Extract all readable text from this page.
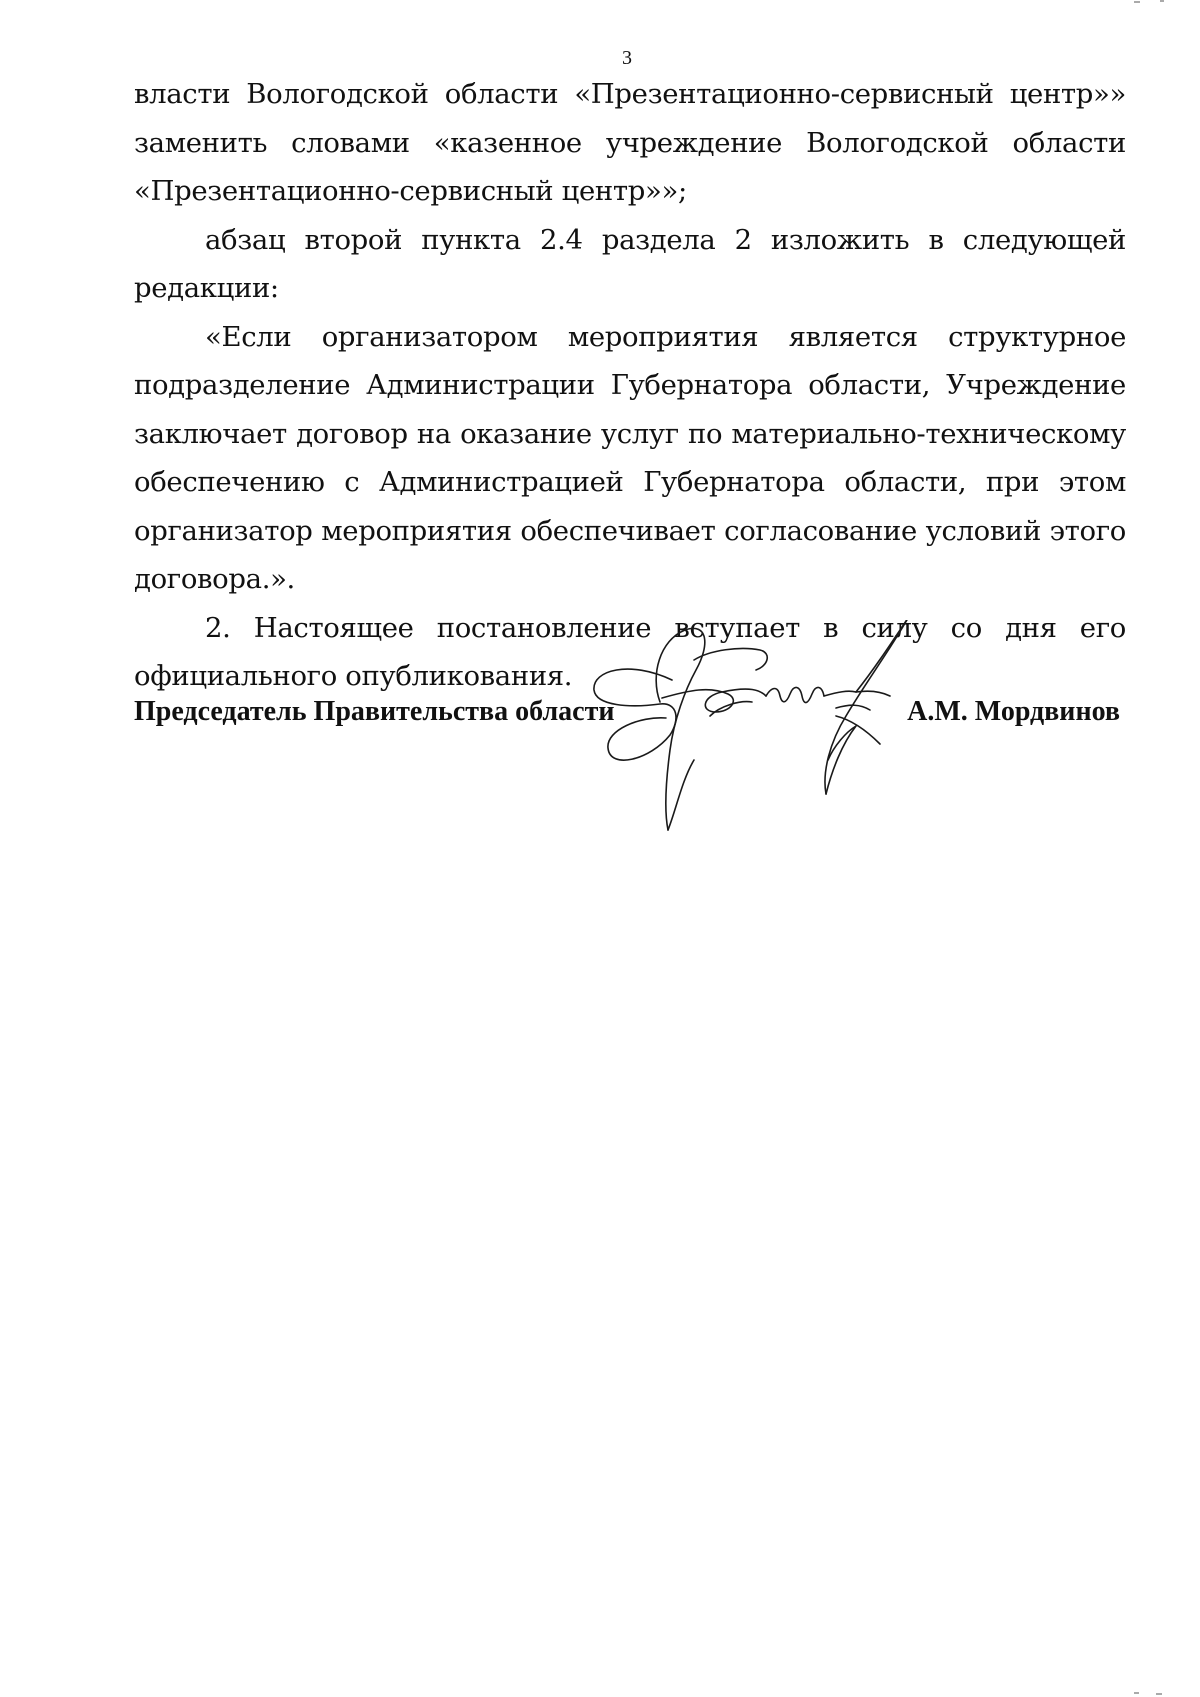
3

власти Вологодской области «Презентационно-сервисный центр»» заменить словами «казенное учреждение Вологодской области «Презентационно-сервисный центр»»;

абзац второй пункта 2.4 раздела 2 изложить в следующей редакции:

«Если организатором мероприятия является структурное подразделение Администрации Губернатора области, Учреждение заключает договор на оказание услуг по материально-техническому обеспечению с Администрацией Губернатора области, при этом организатор мероприятия обеспечивает согласование условий этого договора.».

2. Настоящее постановление вступает в силу со дня его официального опубликования.

Председатель Правительства области	А.М. Мордвинов
